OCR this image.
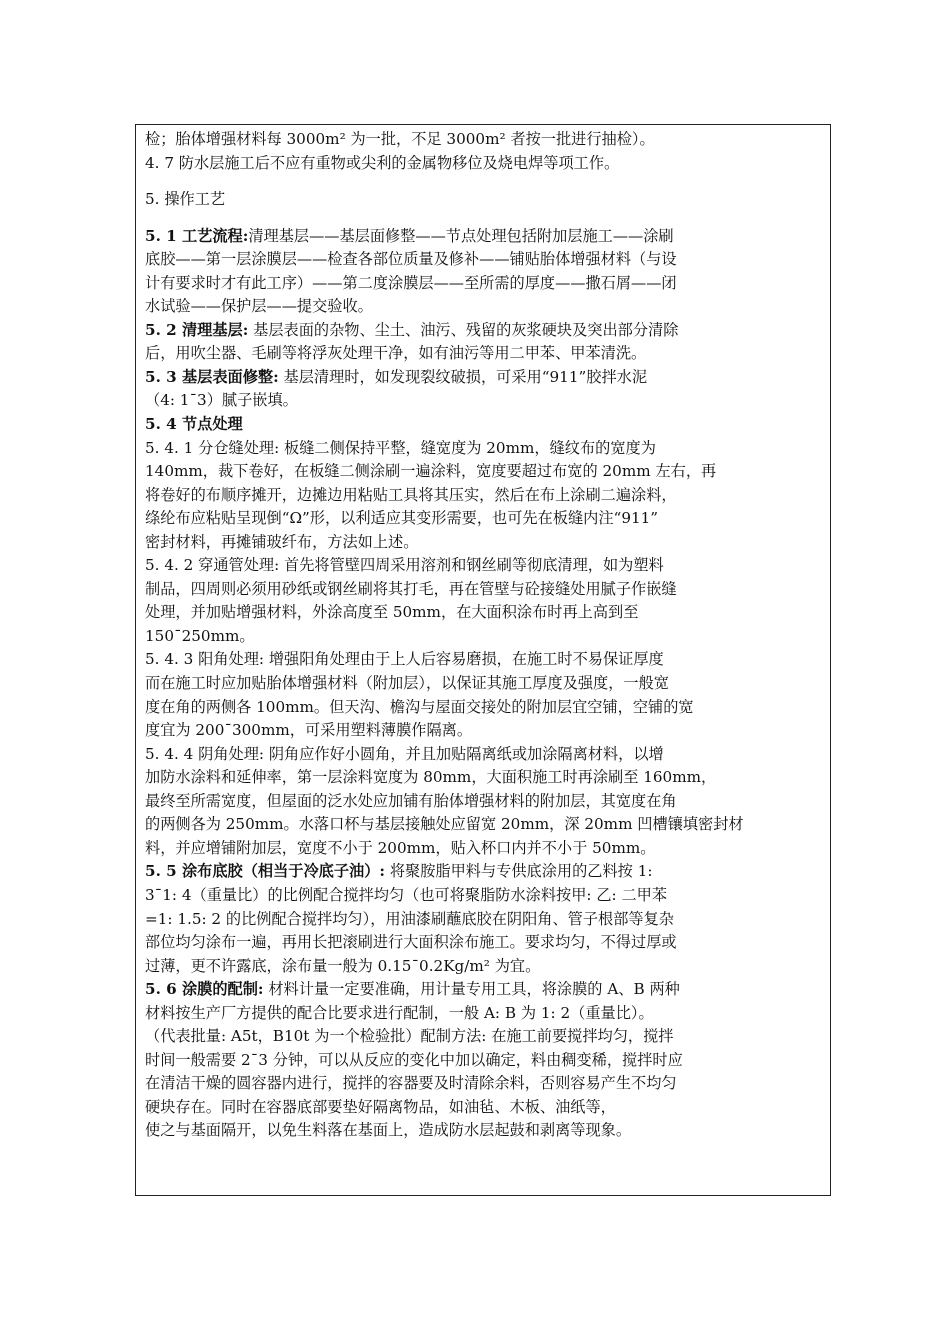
检；胎体增强材料每 3000m² 为一批，不足 3000m² 者按一批进行抽检）。
4. 7 防水层施工后不应有重物或尖利的金属物移位及烧电焊等项工作。
5. 操作工艺
5. 1 工艺流程:清理基层——基层面修整——节点处理包括附加层施工——涂刷
底胶——第一层涂膜层——检查各部位质量及修补——铺贴胎体增强材料（与设
计有要求时才有此工序）——第二度涂膜层——至所需的厚度——撒石屑——闭
水试验——保护层——提交验收。
5. 2 清理基层: 基层表面的杂物、尘土、油污、残留的灰浆硬块及突出部分清除
后，用吹尘器、毛刷等将浮灰处理干净，如有油污等用二甲苯、甲苯清洗。
5. 3 基层表面修整: 基层清理时，如发现裂纹破损，可采用“911”胶拌水泥
（4: 1¯3）腻子嵌填。
5. 4 节点处理
5. 4. 1 分仓缝处理: 板缝二侧保持平整，缝宽度为 20mm，缝纹布的宽度为
140mm，裁下卷好，在板缝二侧涂刷一遍涂料，宽度要超过布宽的 20mm 左右，再
将卷好的布顺序摊开，边摊边用粘贴工具将其压实，然后在布上涂刷二遍涂料，
绦纶布应粘贴呈现倒“Ω”形，以利适应其变形需要，也可先在板缝内注“911”
密封材料，再摊铺玻纤布，方法如上述。
5. 4. 2 穿通管处理: 首先将管壁四周采用溶剂和钢丝刷等彻底清理，如为塑料
制品，四周则必须用砂纸或钢丝刷将其打毛，再在管壁与砼接缝处用腻子作嵌缝
处理，并加贴增强材料，外涂高度至 50mm，在大面积涂布时再上高到至
150¯250mm。
5. 4. 3 阳角处理: 增强阳角处理由于上人后容易磨损，在施工时不易保证厚度
而在施工时应加贴胎体增强材料（附加层），以保证其施工厚度及强度，一般宽
度在角的两侧各 100mm。但天沟、檐沟与屋面交接处的附加层宜空铺，空铺的宽
度宜为 200¯300mm，可采用塑料薄膜作隔离。
5. 4. 4 阴角处理: 阴角应作好小圆角，并且加贴隔离纸或加涂隔离材料，以增
加防水涂料和延伸率，第一层涂料宽度为 80mm，大面积施工时再涂刷至 160mm，
最终至所需宽度，但屋面的泛水处应加铺有胎体增强材料的附加层，其宽度在角
的两侧各为 250mm。水落口杯与基层接触处应留宽 20mm，深 20mm 凹槽镶填密封材
料，并应增铺附加层，宽度不小于 200mm，贴入杯口内并不小于 50mm。
5. 5 涂布底胶（相当于冷底子油）: 将聚胺脂甲料与专供底涂用的乙料按 1:
3¯1: 4（重量比）的比例配合搅拌均匀（也可将聚脂防水涂料按甲: 乙: 二甲苯
=1: 1.5: 2 的比例配合搅拌均匀），用油漆刷蘸底胶在阴阳角、管子根部等复杂
部位均匀涂布一遍，再用长把滚刷进行大面积涂布施工。要求均匀，不得过厚或
过薄，更不许露底，涂布量一般为 0.15¯0.2Kg/m² 为宜。
5. 6 涂膜的配制: 材料计量一定要准确，用计量专用工具，将涂膜的 A、B 两种
材料按生产厂方提供的配合比要求进行配制，一般 A: B 为 1: 2（重量比）。
（代表批量: A5t，B10t 为一个检验批）配制方法: 在施工前要搅拌均匀，搅拌
时间一般需要 2¯3 分钟，可以从反应的变化中加以确定，料由稠变稀，搅拌时应
在清洁干燥的圆容器内进行，搅拌的容器要及时清除余料，否则容易产生不均匀
硬块存在。同时在容器底部要垫好隔离物品，如油毡、木板、油纸等，
使之与基面隔开，以免生料落在基面上，造成防水层起鼓和剥离等现象。
